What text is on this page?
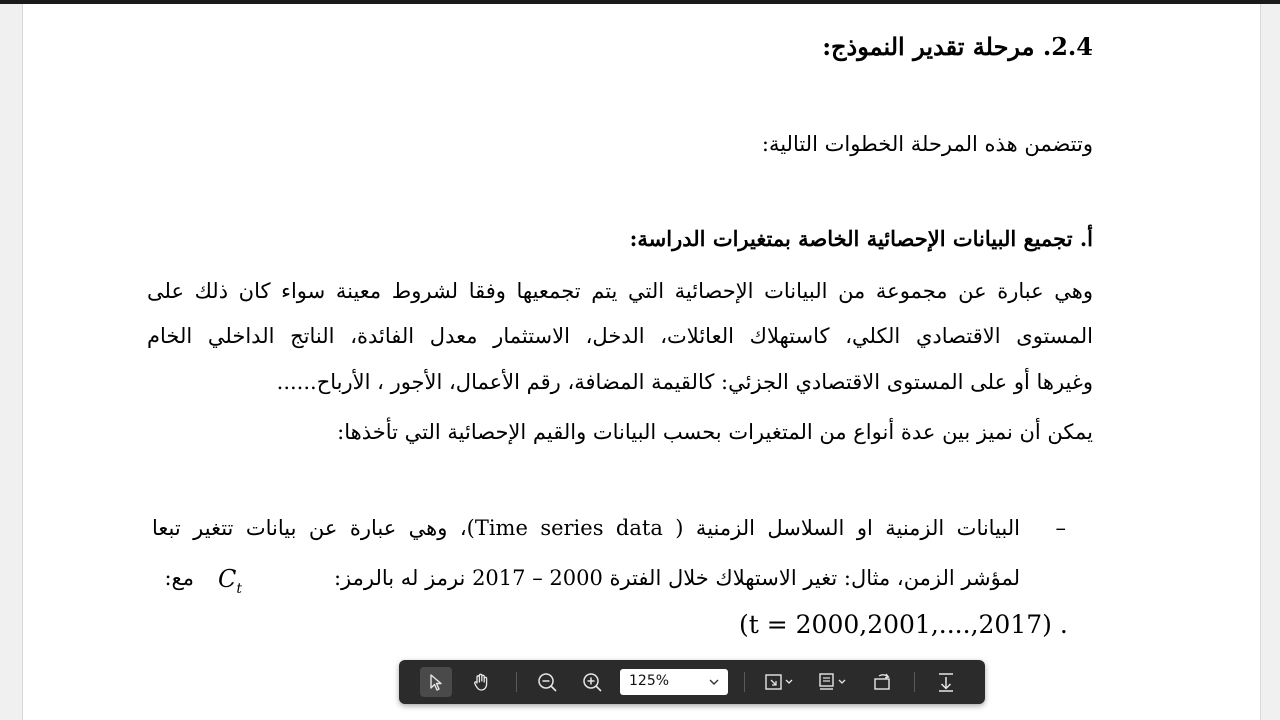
2.4. مرحلة تقدير النموذج:
وتتضمن هذه المرحلة الخطوات التالية:
أ. تجميع البيانات الإحصائية الخاصة بمتغيرات الدراسة:
وهي عبارة عن مجموعة من البيانات الإحصائية التي يتم تجمعيها وفقا لشروط معينة سواء كان ذلك على
المستوى الاقتصادي الكلي، كاستهلاك العائلات، الدخل، الاستثمار معدل الفائدة، الناتج الداخلي الخام
وغيرها أو على المستوى الاقتصادي الجزئي: كالقيمة المضافة، رقم الأعمال، الأجور ، الأرباح......
يمكن أن نميز بين عدة أنواع من المتغيرات بحسب البيانات والقيم الإحصائية التي تأخذها:
–
البيانات الزمنية او السلاسل الزمنية ( Time series data)، وهي عبارة عن بيانات تتغير تبعا
لمؤشر الزمن، مثال: تغير الاستهلاك خلال الفترة 2000 – 2017 نرمز له بالرمز:
$C_t$
مع:
(t = 2000,2001,....,2017) .
125%
